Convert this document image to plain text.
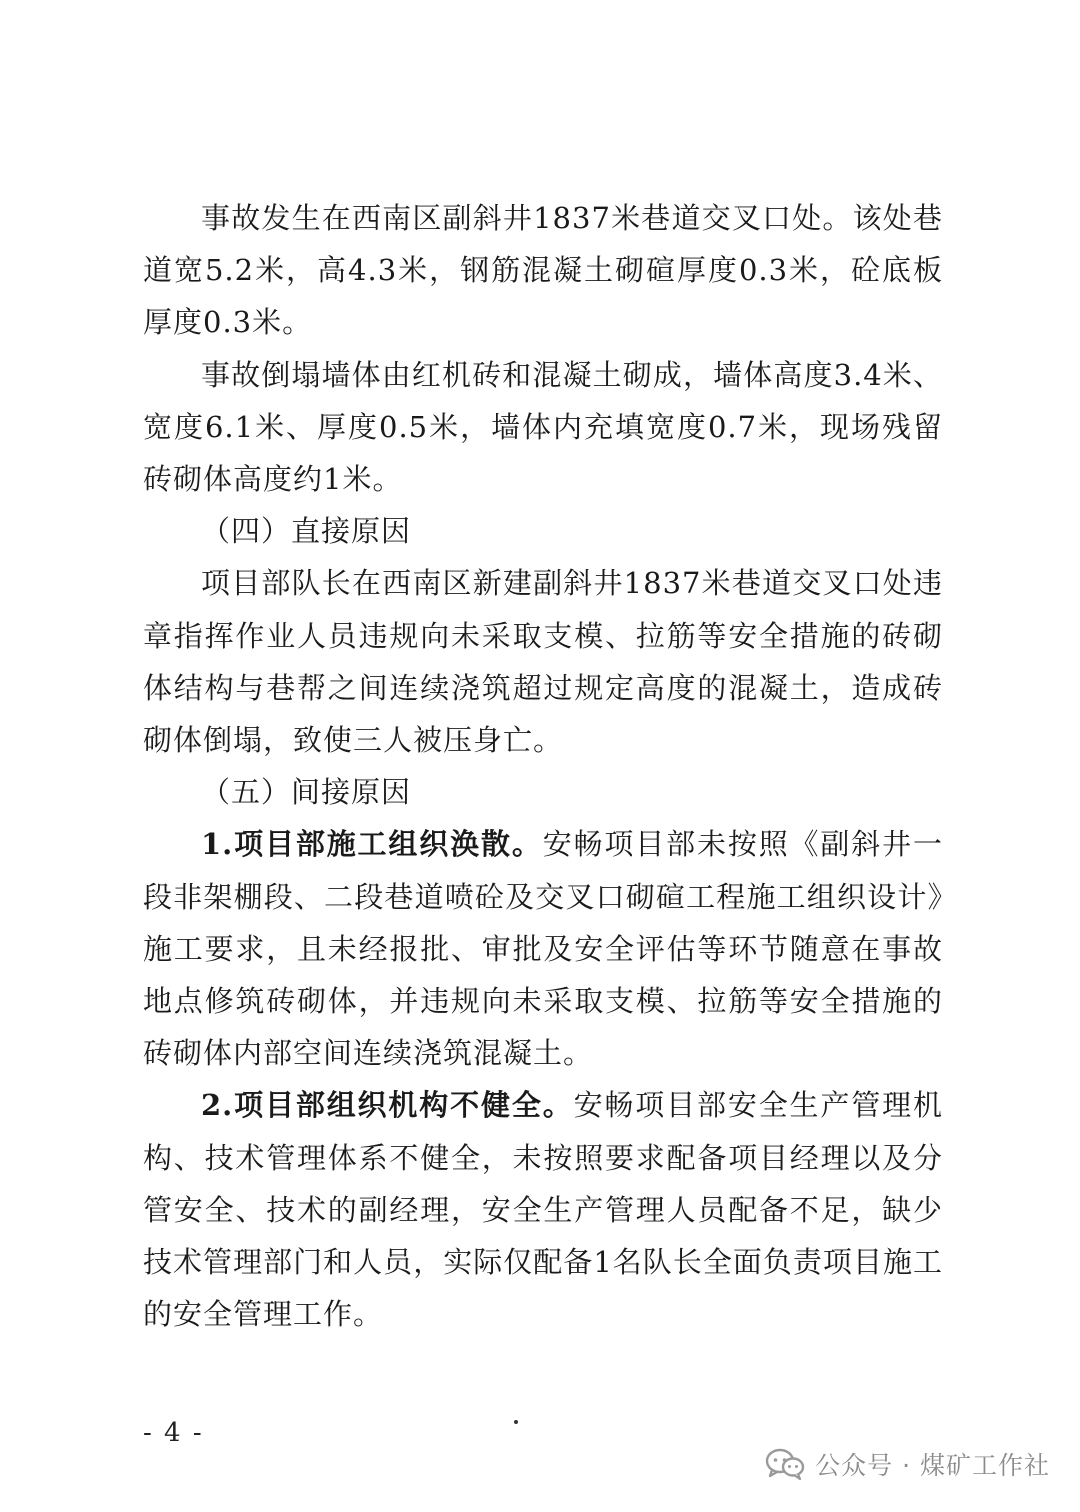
事故发生在西南区副斜井1837米巷道交叉口处。该处巷道宽5.2米，高4.3米，钢筋混凝土砌碹厚度0.3米，砼底板厚度0.3米。

事故倒塌墙体由红机砖和混凝土砌成，墙体高度3.4米、宽度6.1米、厚度0.5米，墙体内充填宽度0.7米，现场残留砖砌体高度约1米。

（四）直接原因

项目部队长在西南区新建副斜井1837米巷道交叉口处违章指挥作业人员违规向未采取支模、拉筋等安全措施的砖砌体结构与巷帮之间连续浇筑超过规定高度的混凝土，造成砖砌体倒塌，致使三人被压身亡。

（五）间接原因

1.项目部施工组织涣散。安畅项目部未按照《副斜井一段非架棚段、二段巷道喷砼及交叉口砌碹工程施工组织设计》施工要求，且未经报批、审批及安全评估等环节随意在事故地点修筑砖砌体，并违规向未采取支模、拉筋等安全措施的砖砌体内部空间连续浇筑混凝土。

2.项目部组织机构不健全。安畅项目部安全生产管理机构、技术管理体系不健全，未按照要求配备项目经理以及分管安全、技术的副经理，安全生产管理人员配备不足，缺少技术管理部门和人员，实际仅配备1名队长全面负责项目施工的安全管理工作。

- 4 -
公众号 · 煤矿工作社
